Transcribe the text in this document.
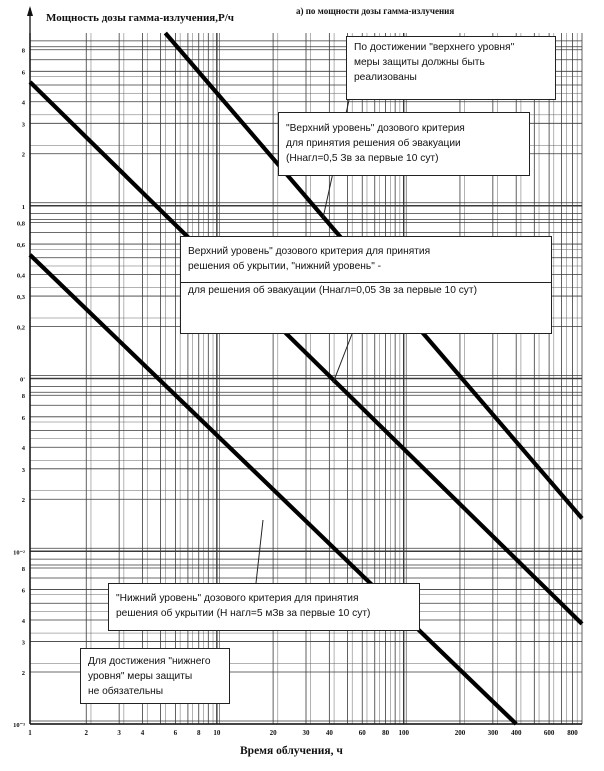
1	2	3	4	6	8 10	20	30 40	60 80 100	200	300 400	600 800
8
6
4
3
2
1
0,8
0,6
0,4
0,3
0,2
0'
8
6
4
3
2
10⁻²
8
6
4
3
2
10⁻³
Мощность дозы гамма-излучения,Р/ч
а) по мощности дозы гамма-излучения
Время облучения, ч
По достижении "верхнего уровня"
меры защиты должны быть
реализованы
"Верхний уровень" дозового критерия
для принятия решения об эвакуации
(Hнагл=0,5 Зв за первые 10 сут)
Верхний уровень" дозового критерия для принятия
решения об укрытии, "нижний уровень" -
для решения об эвакуации (Hнагл=0,05 Зв за первые 10 сут)
"Нижний уровень" дозового критерия для принятия
решения об укрытии (H нагл=5 мЗв за первые 10 сут)
Для достижения "нижнего
уровня" меры защиты
не обязательны
